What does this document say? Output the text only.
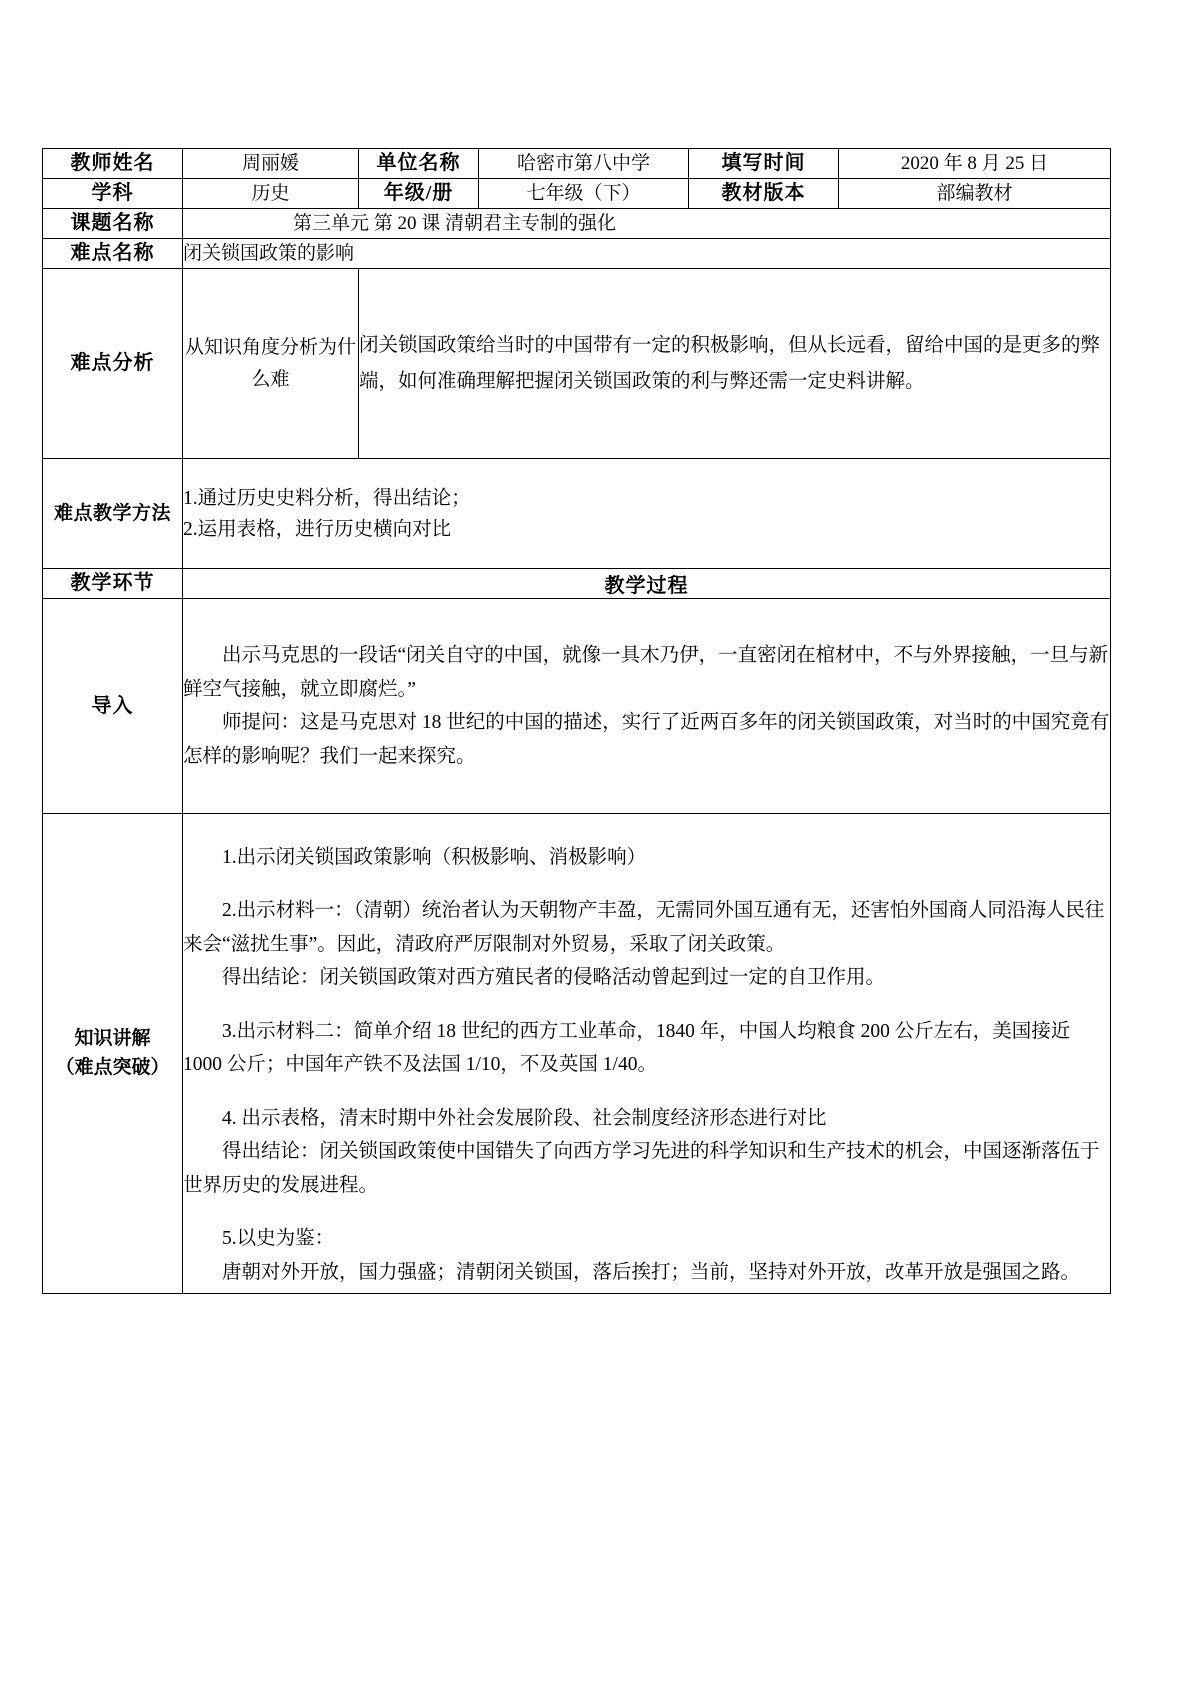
教师姓名	周丽媛	单位名称	哈密市第八中学	填写时间	2020 年 8 月 25 日
学科	历史	年级/册	七年级（下）	教材版本	部编教材
课题名称	第三单元 第 20 课 清朝君主专制的强化				
难点名称	闭关锁国政策的影响				
难点分析	从知识角度分析为什么难	闭关锁国政策给当时的中国带有一定的积极影响，但从长远看，留给中国的是更多的弊端，如何准确理解把握闭关锁国政策的利与弊还需一定史料讲解。			
难点教学方法	1.通过历史史料分析，得出结论；
2.运用表格，进行历史横向对比				

教学环节	教学过程				
导入	出示马克思的一段话“闭关自守的中国，就像一具木乃伊，一直密闭在棺材中，不与外界接触，一旦与新鲜空气接触，就立即腐烂。”

师提问：这是马克思对 18 世纪的中国的描述，实行了近两百多年的闭关锁国政策，对当时的中国究竟有怎样的影响呢？我们一起来探究。				

知识讲解
（难点突破）

1.出示闭关锁国政策影响（积极影响、消极影响）

2.出示材料一：（清朝）统治者认为天朝物产丰盈，无需同外国互通有无，还害怕外国商人同沿海人民往来会“滋扰生事”。因此，清政府严厉限制对外贸易，采取了闭关政策。

得出结论：闭关锁国政策对西方殖民者的侵略活动曾起到过一定的自卫作用。

3.出示材料二：简单介绍 18 世纪的西方工业革命，1840 年，中国人均粮食 200 公斤左右，美国接近 1000 公斤；中国年产铁不及法国 1/10，不及英国 1/40。

4. 出示表格，清末时期中外社会发展阶段、社会制度经济形态进行对比

得出结论：闭关锁国政策使中国错失了向西方学习先进的科学知识和生产技术的机会，中国逐渐落伍于世界历史的发展进程。

5.以史为鉴：

唐朝对外开放，国力强盛；清朝闭关锁国，落后挨打；当前，坚持对外开放，改革开放是强国之路。
